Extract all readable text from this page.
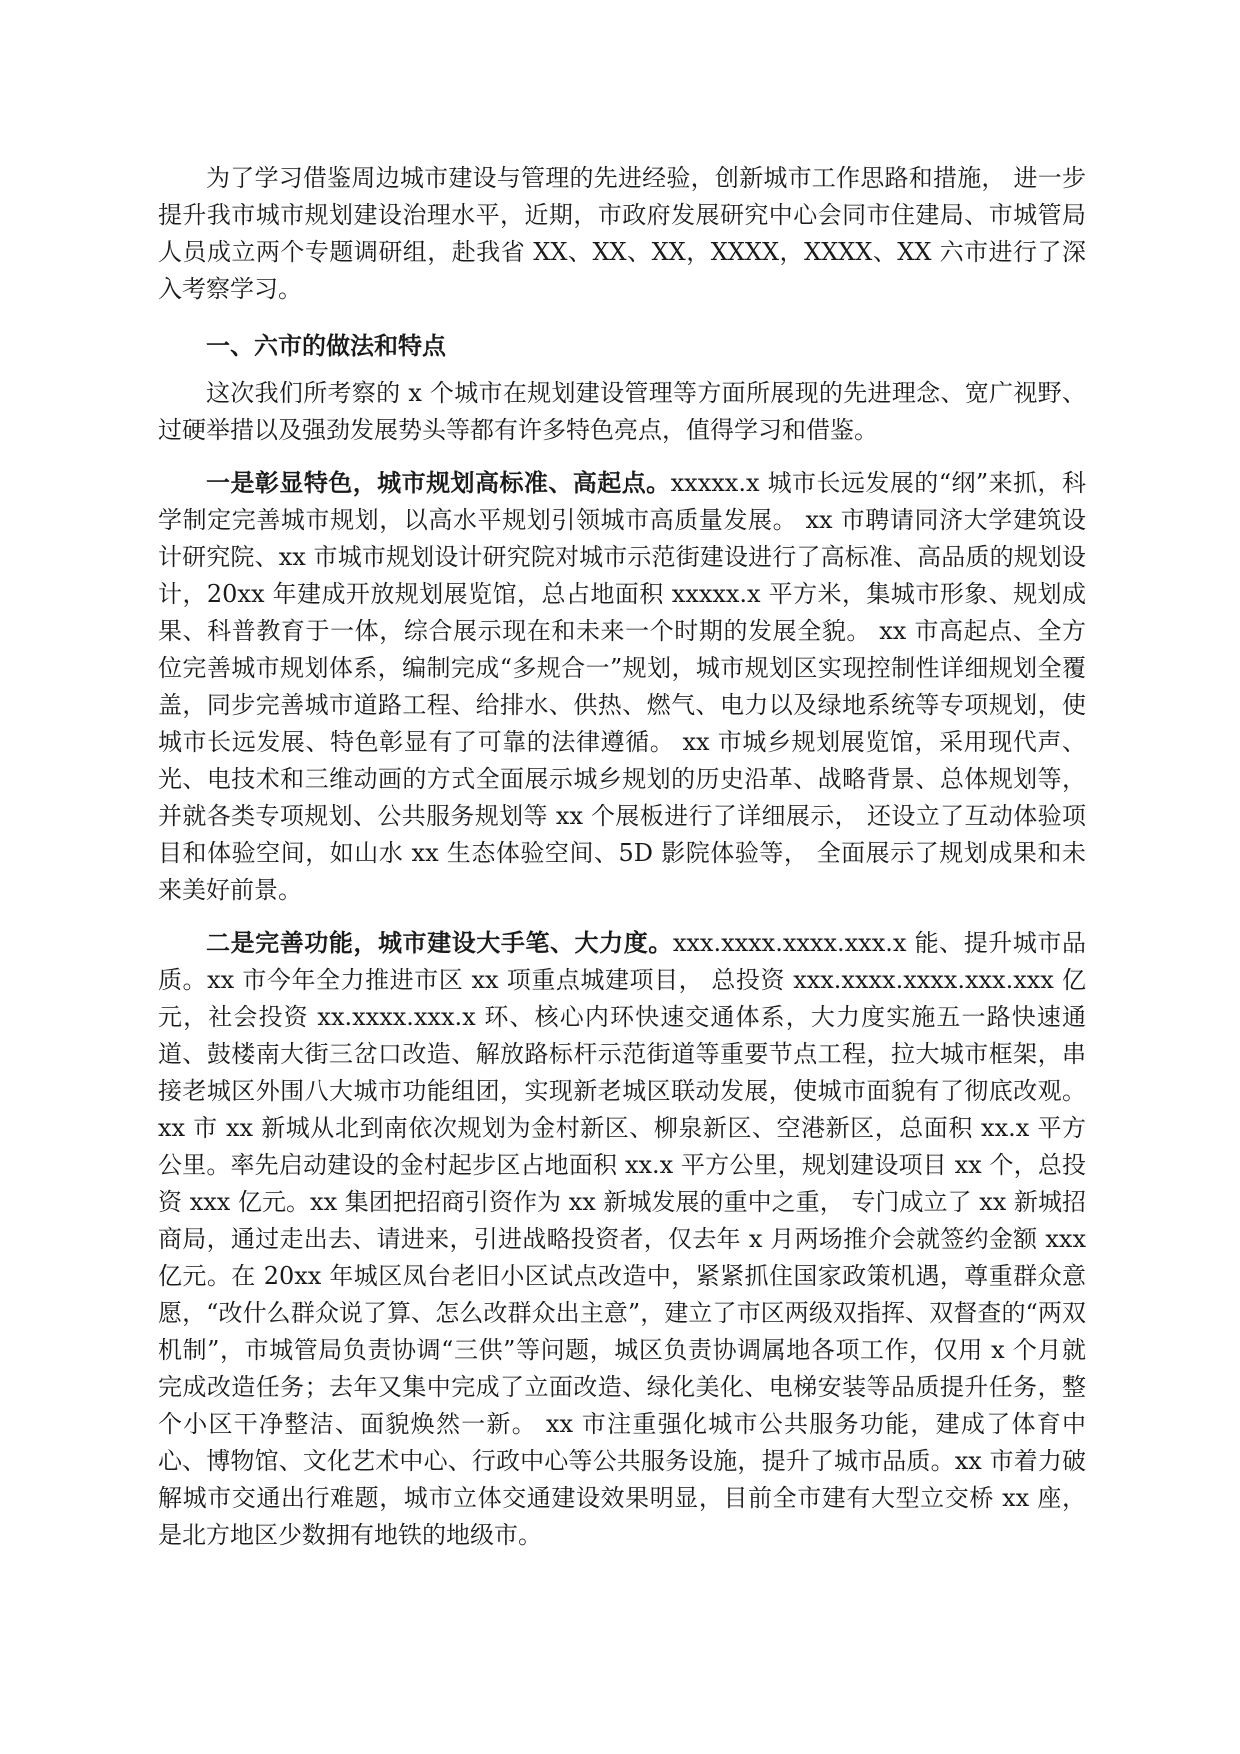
为了学习借鉴周边城市建设与管理的先进经验，创新城市工作思路和措施， 进一步提升我市城市规划建设治理水平，近期，市政府发展研究中心会同市住建局、市城管局人员成立两个专题调研组，赴我省 XX、XX、XX，XXXX，XXXX、XX 六市进行了深入考察学习。

一、六市的做法和特点

这次我们所考察的 x 个城市在规划建设管理等方面所展现的先进理念、宽广视野、过硬举措以及强劲发展势头等都有许多特色亮点，值得学习和借鉴。

一是彰显特色，城市规划高标准、高起点。xxxxx.x 城市长远发展的“纲”来抓，科学制定完善城市规划，以高水平规划引领城市高质量发展。 xx 市聘请同济大学建筑设计研究院、xx 市城市规划设计研究院对城市示范街建设进行了高标准、高品质的规划设计，20xx 年建成开放规划展览馆，总占地面积 xxxxx.x 平方米，集城市形象、规划成果、科普教育于一体，综合展示现在和未来一个时期的发展全貌。 xx 市高起点、全方位完善城市规划体系，编制完成“多规合一”规划，城市规划区实现控制性详细规划全覆盖，同步完善城市道路工程、给排水、供热、燃气、电力以及绿地系统等专项规划，使城市长远发展、特色彰显有了可靠的法律遵循。 xx 市城乡规划展览馆，采用现代声、光、电技术和三维动画的方式全面展示城乡规划的历史沿革、战略背景、总体规划等，并就各类专项规划、公共服务规划等 xx 个展板进行了详细展示， 还设立了互动体验项目和体验空间，如山水 xx 生态体验空间、5D 影院体验等， 全面展示了规划成果和未来美好前景。

二是完善功能，城市建设大手笔、大力度。xxx.xxxx.xxxx.xxx.x 能、提升城市品质。xx 市今年全力推进市区 xx 项重点城建项目， 总投资 xxx.xxxx.xxxx.xxx.xxx 亿元，社会投资 xx.xxxx.xxx.x 环、核心内环快速交通体系，大力度实施五一路快速通道、鼓楼南大街三岔口改造、解放路标杆示范街道等重要节点工程，拉大城市框架，串接老城区外围八大城市功能组团，实现新老城区联动发展，使城市面貌有了彻底改观。xx 市 xx 新城从北到南依次规划为金村新区、柳泉新区、空港新区，总面积 xx.x 平方公里。率先启动建设的金村起步区占地面积 xx.x 平方公里，规划建设项目 xx 个，总投资 xxx 亿元。xx 集团把招商引资作为 xx 新城发展的重中之重， 专门成立了 xx 新城招商局，通过走出去、请进来，引进战略投资者，仅去年 x 月两场推介会就签约金额 xxx 亿元。在 20xx 年城区凤台老旧小区试点改造中，紧紧抓住国家政策机遇，尊重群众意愿，“改什么群众说了算、怎么改群众出主意”，建立了市区两级双指挥、双督查的“两双机制”，市城管局负责协调“三供”等问题，城区负责协调属地各项工作，仅用 x 个月就完成改造任务；去年又集中完成了立面改造、绿化美化、电梯安装等品质提升任务，整个小区干净整洁、面貌焕然一新。 xx 市注重强化城市公共服务功能，建成了体育中心、博物馆、文化艺术中心、行政中心等公共服务设施，提升了城市品质。xx 市着力破解城市交通出行难题，城市立体交通建设效果明显，目前全市建有大型立交桥 xx 座，是北方地区少数拥有地铁的地级市。
